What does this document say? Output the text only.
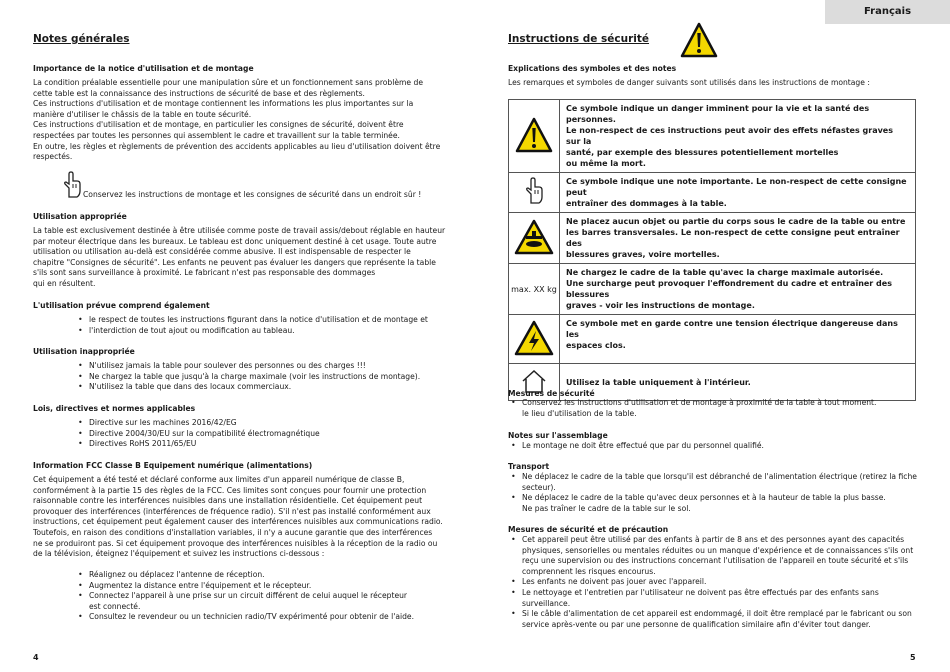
Français
Notes générales
Importance de la notice d'utilisation et de montage
La condition préalable essentielle pour une manipulation sûre et un fonctionnement sans problème de
cette table est la connaissance des instructions de sécurité de base et des règlements.
Ces instructions d'utilisation et de montage contiennent les informations les plus importantes sur la
manière d'utiliser le châssis de la table en toute sécurité.
Ces instructions d'utilisation et de montage, en particulier les consignes de sécurité, doivent être
respectées par toutes les personnes qui assemblent le cadre et travaillent sur la table terminée.
En outre, les règles et règlements de prévention des accidents applicables au lieu d'utilisation doivent être
respectés.
Conservez les instructions de montage et les consignes de sécurité dans un endroit sûr !
Utilisation appropriée
La table est exclusivement destinée à être utilisée comme poste de travail assis/debout réglable en hauteur
par moteur électrique dans les bureaux. Le tableau est donc uniquement destiné à cet usage. Toute autre
utilisation ou utilisation au-delà est considérée comme abusive. Il est indispensable de respecter le
chapitre "Consignes de sécurité". Les enfants ne peuvent pas évaluer les dangers que représente la table
s'ils sont sans surveillance à proximité. Le fabricant n'est pas responsable des dommages
qui en résultent.
L'utilisation prévue comprend également
• le respect de toutes les instructions figurant dans la notice d'utilisation et de montage et
• l'interdiction de tout ajout ou modification au tableau.
Utilisation inappropriée
• N'utilisez jamais la table pour soulever des personnes ou des charges !!!
• Ne chargez la table que jusqu'à la charge maximale (voir les instructions de montage).
• N'utilisez la table que dans des locaux commerciaux.
Lois, directives et normes applicables
• Directive sur les machines 2016/42/EG
• Directive 2004/30/EU sur la compatibilité électromagnétique
• Directives RoHS 2011/65/EU
Information FCC Classe B Equipement numérique (alimentations)
Cet équipement a été testé et déclaré conforme aux limites d'un appareil numérique de classe B,
conformément à la partie 15 des règles de la FCC. Ces limites sont conçues pour fournir une protection
raisonnable contre les interférences nuisibles dans une installation résidentielle. Cet équipement peut
provoquer des interférences (interférences de fréquence radio). S'il n'est pas installé conformément aux
instructions, cet équipement peut également causer des interférences nuisibles aux communications radio.
Toutefois, en raison des conditions d'installation variables, il n'y a aucune garantie que des interférences
ne se produiront pas. Si cet équipement provoque des interférences nuisibles à la réception de la radio ou
de la télévision, éteignez l'équipement et suivez les instructions ci-dessous :
• Réalignez ou déplacez l'antenne de réception.
• Augmentez la distance entre l'équipement et le récepteur.
• Connectez l'appareil à une prise sur un circuit différent de celui auquel le récepteur
est connecté.
• Consultez le revendeur ou un technicien radio/TV expérimenté pour obtenir de l'aide.
4
Instructions de sécurité
Explications des symboles et des notes
Les remarques et symboles de danger suivants sont utilisés dans les instructions de montage :
	Ce symbole indique un danger imminent pour la vie et la santé des personnes.
Le non-respect de ces instructions peut avoir des effets néfastes graves sur la
santé, par exemple des blessures potentiellement mortelles
ou même la mort.
	Ce symbole indique une note importante. Le non-respect de cette consigne peut
entraîner des dommages à la table.
	Ne placez aucun objet ou partie du corps sous le cadre de la table ou entre
les barres transversales. Le non-respect de cette consigne peut entraîner des
blessures graves, voire mortelles.
max. XX kg	Ne chargez le cadre de la table qu'avec la charge maximale autorisée.
Une surcharge peut provoquer l'effondrement du cadre et entraîner des blessures
graves - voir les instructions de montage.
	Ce symbole met en garde contre une tension électrique dangereuse dans les
espaces clos.
	Utilisez la table uniquement à l'intérieur.
Mesures de sécurité
• Conservez les instructions d'utilisation et de montage à proximité de la table à tout moment.
le lieu d'utilisation de la table.
Notes sur l'assemblage
• Le montage ne doit être effectué que par du personnel qualifié.
Transport
• Ne déplacez le cadre de la table que lorsqu'il est débranché de l'alimentation électrique (retirez la fiche
secteur).
• Ne déplacez le cadre de la table qu'avec deux personnes et à la hauteur de table la plus basse.
Ne pas traîner le cadre de la table sur le sol.
Mesures de sécurité et de précaution
• Cet appareil peut être utilisé par des enfants à partir de 8 ans et des personnes ayant des capacités
physiques, sensorielles ou mentales réduites ou un manque d'expérience et de connaissances s'ils ont
reçu une supervision ou des instructions concernant l'utilisation de l'appareil en toute sécurité et s'ils
comprennent les risques encourus.
• Les enfants ne doivent pas jouer avec l'appareil.
• Le nettoyage et l'entretien par l'utilisateur ne doivent pas être effectués par des enfants sans
surveillance.
• Si le câble d'alimentation de cet appareil est endommagé, il doit être remplacé par le fabricant ou son
service après-vente ou par une personne de qualification similaire afin d'éviter tout danger.
5
